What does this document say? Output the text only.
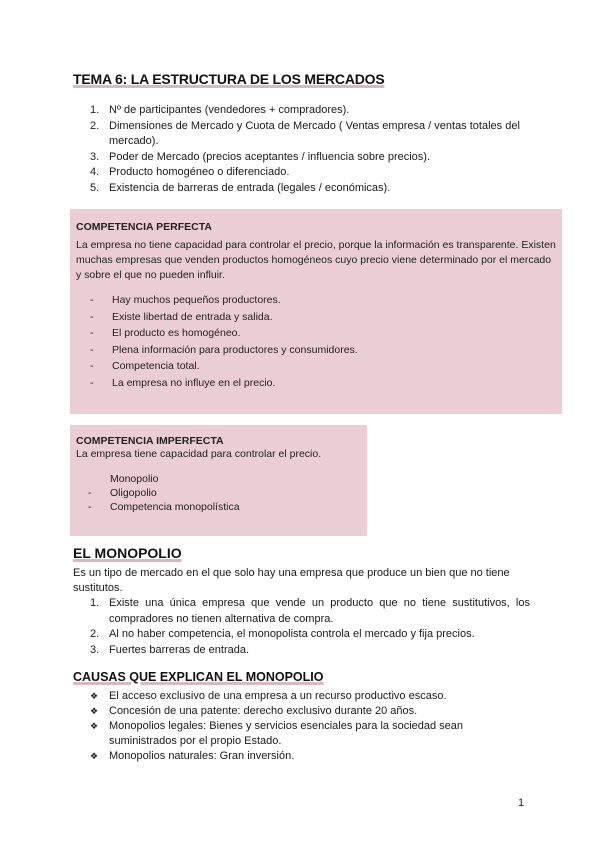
TEMA 6: LA ESTRUCTURA DE LOS MERCADOS
1. Nº de participantes (vendedores + compradores).
2. Dimensiones de Mercado y Cuota de Mercado ( Ventas empresa / ventas totales del mercado).
3. Poder de Mercado (precios aceptantes / influencia sobre precios).
4. Producto homogéneo o diferenciado.
5. Existencia de barreras de entrada (legales / económicas).
COMPETENCIA PERFECTA

La empresa no tiene capacidad para controlar el precio, porque la información es transparente. Existen muchas empresas que venden productos homogéneos cuyo precio viene determinado por el mercado y sobre el que no pueden influir.

- Hay muchos pequeños productores.
- Existe libertad de entrada y salida.
- El producto es homogéneo.
- Plena información para productores y consumidores.
- Competencia total.
- La empresa no influye en el precio.
COMPETENCIA IMPERFECTA

La empresa tiene capacidad para controlar el precio.

Monopolio
- Oligopolio
- Competencia monopolística
EL MONOPOLIO

Es un tipo de mercado en el que solo hay una empresa que produce un bien que no tiene sustitutos.

1. Existe una única empresa que vende un producto que no tiene sustitutivos, los compradores no tienen alternativa de compra.
2. Al no haber competencia, el monopolista controla el mercado y fija precios.
3. Fuertes barreras de entrada.
CAUSAS QUE EXPLICAN EL MONOPOLIO
❖ El acceso exclusivo de una empresa a un recurso productivo escaso.
❖ Concesión de una patente: derecho exclusivo durante 20 años.
❖ Monopolios legales: Bienes y servicios esenciales para la sociedad sean suministrados por el propio Estado.
❖ Monopolios naturales: Gran inversión.

1
